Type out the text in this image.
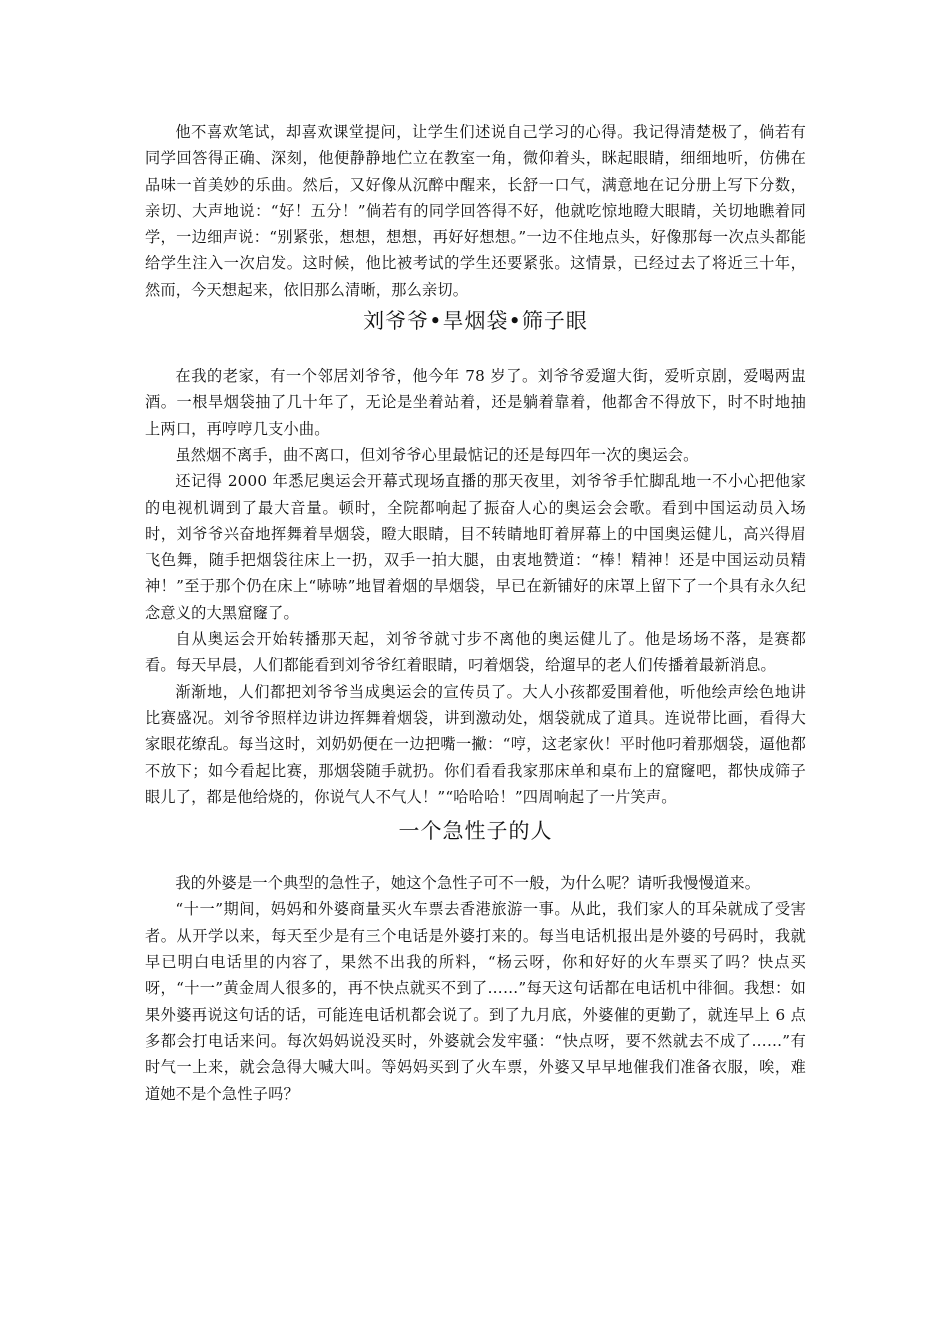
他不喜欢笔试，却喜欢课堂提问，让学生们述说自己学习的心得。我记得清楚极了，倘若有同学回答得正确、深刻，他便静静地伫立在教室一角，微仰着头，眯起眼睛，细细地听，仿佛在品味一首美妙的乐曲。然后，又好像从沉醉中醒来，长舒一口气，满意地在记分册上写下分数，亲切、大声地说：“好！五分！”倘若有的同学回答得不好，他就吃惊地瞪大眼睛，关切地瞧着同学，一边细声说：“别紧张，想想，想想，再好好想想。”一边不住地点头，好像那每一次点头都能给学生注入一次启发。这时候，他比被考试的学生还要紧张。这情景，已经过去了将近三十年，然而，今天想起来，依旧那么清晰，那么亲切。

刘爷爷•旱烟袋•筛子眼

在我的老家，有一个邻居刘爷爷，他今年 78 岁了。刘爷爷爱遛大街，爱听京剧，爱喝两盅酒。一根旱烟袋抽了几十年了，无论是坐着站着，还是躺着靠着，他都舍不得放下，时不时地抽上两口，再哼哼几支小曲。

虽然烟不离手，曲不离口，但刘爷爷心里最惦记的还是每四年一次的奥运会。

还记得 2000 年悉尼奥运会开幕式现场直播的那天夜里，刘爷爷手忙脚乱地一不小心把他家的电视机调到了最大音量。顿时，全院都响起了振奋人心的奥运会会歌。看到中国运动员入场时，刘爷爷兴奋地挥舞着旱烟袋，瞪大眼睛，目不转睛地盯着屏幕上的中国奥运健儿，高兴得眉飞色舞，随手把烟袋往床上一扔，双手一拍大腿，由衷地赞道：“棒！精神！还是中国运动员精神！”至于那个仍在床上“哧哧”地冒着烟的旱烟袋，早已在新铺好的床罩上留下了一个具有永久纪念意义的大黑窟窿了。

自从奥运会开始转播那天起，刘爷爷就寸步不离他的奥运健儿了。他是场场不落，是赛都看。每天早晨，人们都能看到刘爷爷红着眼睛，叼着烟袋，给遛早的老人们传播着最新消息。

渐渐地，人们都把刘爷爷当成奥运会的宣传员了。大人小孩都爱围着他，听他绘声绘色地讲比赛盛况。刘爷爷照样边讲边挥舞着烟袋，讲到激动处，烟袋就成了道具。连说带比画，看得大家眼花缭乱。每当这时，刘奶奶便在一边把嘴一撇：“哼，这老家伙！平时他叼着那烟袋，逼他都不放下；如今看起比赛，那烟袋随手就扔。你们看看我家那床单和桌布上的窟窿吧，都快成筛子眼儿了，都是他给烧的，你说气人不气人！”“哈哈哈！”四周响起了一片笑声。

一个急性子的人

我的外婆是一个典型的急性子，她这个急性子可不一般，为什么呢？请听我慢慢道来。

“十一”期间，妈妈和外婆商量买火车票去香港旅游一事。从此，我们家人的耳朵就成了受害者。从开学以来，每天至少是有三个电话是外婆打来的。每当电话机报出是外婆的号码时，我就早已明白电话里的内容了，果然不出我的所料，“杨云呀，你和好好的火车票买了吗？快点买呀，“十一”黄金周人很多的，再不快点就买不到了……”每天这句话都在电话机中徘徊。我想：如果外婆再说这句话的话，可能连电话机都会说了。到了九月底，外婆催的更勤了，就连早上 6 点多都会打电话来问。每次妈妈说没买时，外婆就会发牢骚：“快点呀，要不然就去不成了……”有时气一上来，就会急得大喊大叫。等妈妈买到了火车票，外婆又早早地催我们准备衣服，唉，难道她不是个急性子吗？
